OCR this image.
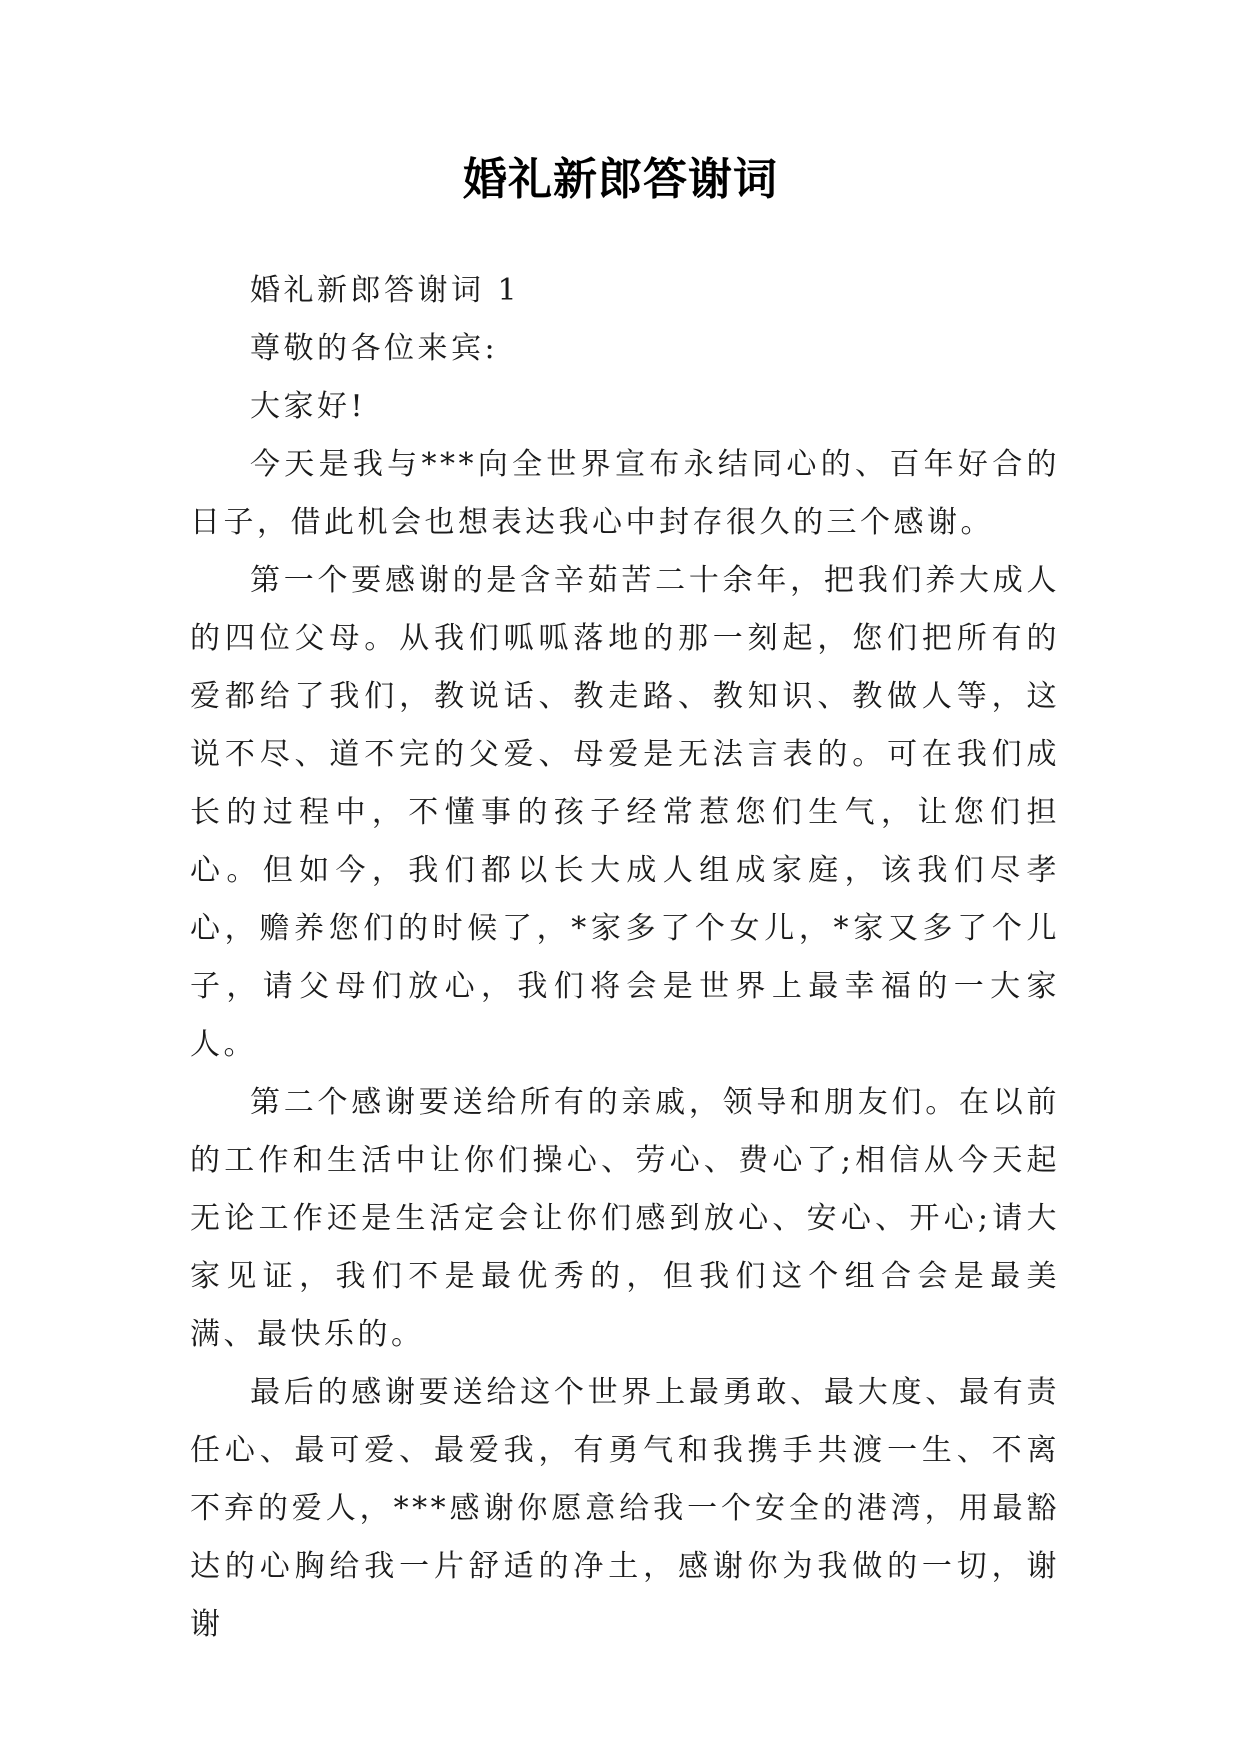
婚礼新郎答谢词

婚礼新郎答谢词 1

尊敬的各位来宾:

大家好!

今天是我与***向全世界宣布永结同心的、百年好合的日子，借此机会也想表达我心中封存很久的三个感谢。

第一个要感谢的是含辛茹苦二十余年，把我们养大成人的四位父母。从我们呱呱落地的那一刻起，您们把所有的爱都给了我们，教说话、教走路、教知识、教做人等，这说不尽、道不完的父爱、母爱是无法言表的。可在我们成长的过程中，不懂事的孩子经常惹您们生气，让您们担心。但如今，我们都以长大成人组成家庭，该我们尽孝心，赡养您们的时候了，*家多了个女儿，*家又多了个儿子，请父母们放心，我们将会是世界上最幸福的一大家人。

第二个感谢要送给所有的亲戚，领导和朋友们。在以前的工作和生活中让你们操心、劳心、费心了;相信从今天起无论工作还是生活定会让你们感到放心、安心、开心;请大家见证，我们不是最优秀的，但我们这个组合会是最美满、最快乐的。

最后的感谢要送给这个世界上最勇敢、最大度、最有责任心、最可爱、最爱我，有勇气和我携手共渡一生、不离不弃的爱人，***感谢你愿意给我一个安全的港湾，用最豁达的心胸给我一片舒适的净土，感谢你为我做的一切，谢谢
